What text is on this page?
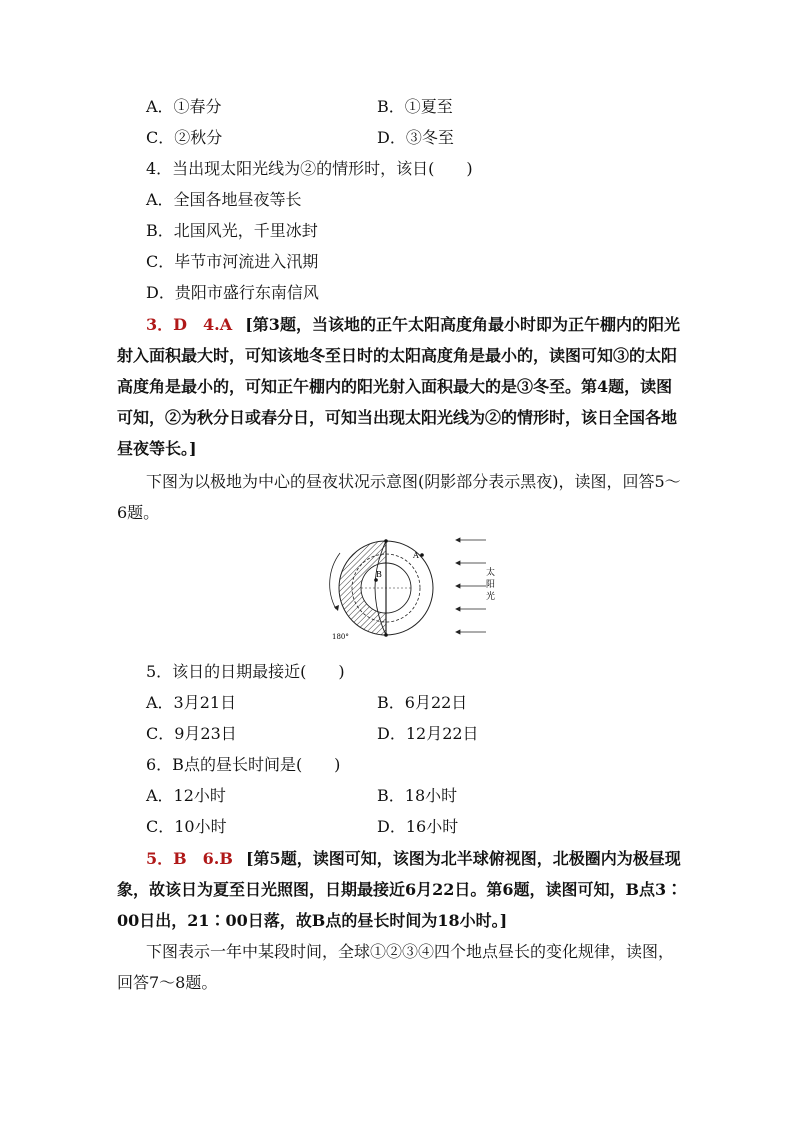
A．①春分	B．①夏至
C．②秋分	D．③冬至
4．当出现太阳光线为②的情形时，该日(　　)
A．全国各地昼夜等长
B．北国风光，千里冰封
C．毕节市河流进入汛期
D．贵阳市盛行东南信风
3．D　4.A [第3题，当该地的正午太阳高度角最小时即为正午棚内的阳光
射入面积最大时，可知该地冬至日时的太阳高度角是最小的，读图可知③的太阳
高度角是最小的，可知正午棚内的阳光射入面积最大的是③冬至。第4题，读图
可知，②为秋分日或春分日，可知当出现太阳光线为②的情形时，该日全国各地
昼夜等长。]
下图为以极地为中心的昼夜状况示意图(阴影部分表示黑夜)，读图，回答5～
6题。
A
B
180°
太
阳
光
5．该日的日期最接近(　　)
A．3月21日	B．6月22日
C．9月23日	D．12月22日
6．B点的昼长时间是(　　)
A．12小时	B．18小时
C．10小时	D．16小时
5．B　6.B [第5题，读图可知，该图为北半球俯视图，北极圈内为极昼现
象，故该日为夏至日光照图，日期最接近6月22日。第6题，读图可知，B点3∶
00日出，21∶00日落，故B点的昼长时间为18小时。]
下图表示一年中某段时间，全球①②③④四个地点昼长的变化规律，读图，
回答7～8题。
